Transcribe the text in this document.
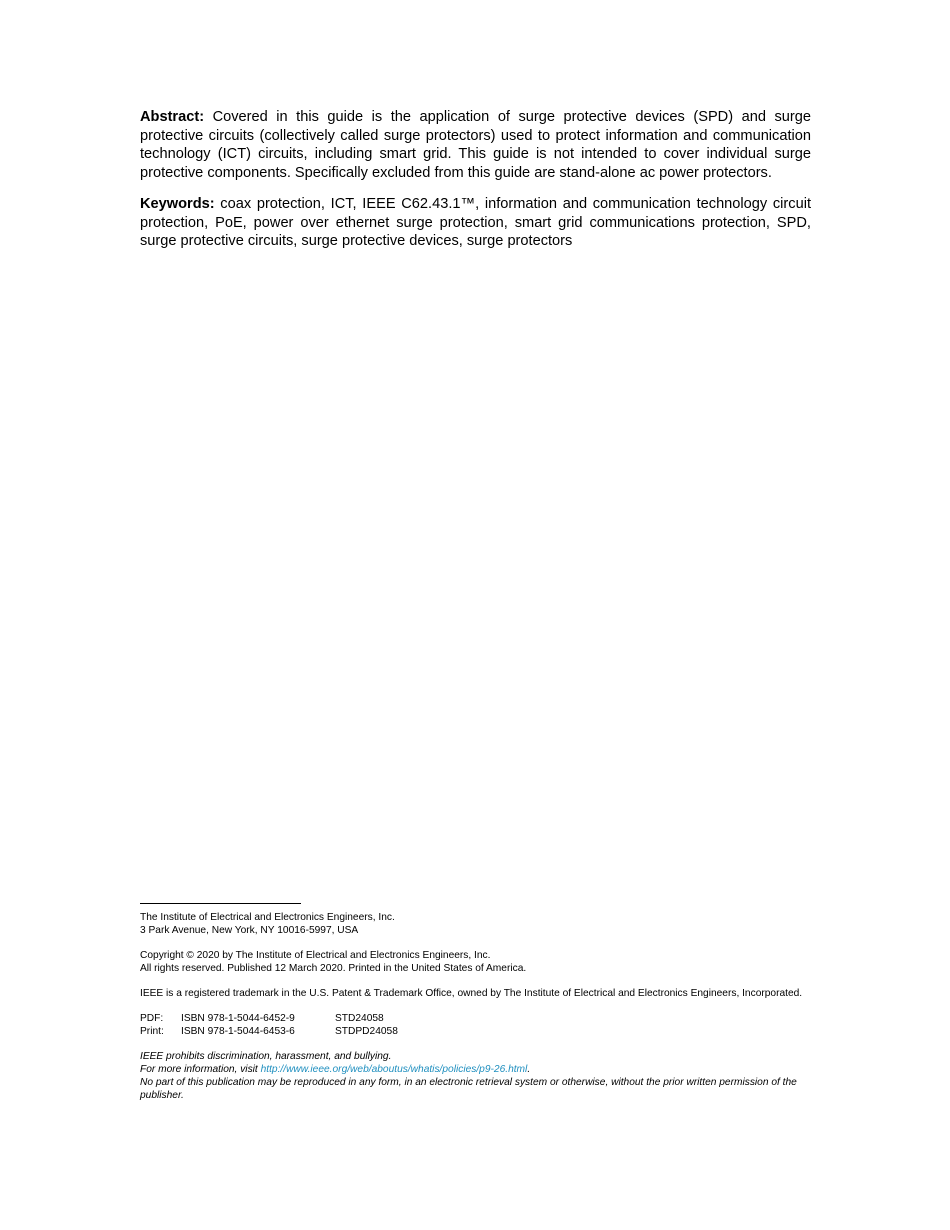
Abstract: Covered in this guide is the application of surge protective devices (SPD) and surge protective circuits (collectively called surge protectors) used to protect information and communication technology (ICT) circuits, including smart grid. This guide is not intended to cover individual surge protective components. Specifically excluded from this guide are stand-alone ac power protectors.

Keywords: coax protection, ICT, IEEE C62.43.1™, information and communication technology circuit protection, PoE, power over ethernet surge protection, smart grid communications protection, SPD, surge protective circuits, surge protective devices, surge protectors

The Institute of Electrical and Electronics Engineers, Inc.

3 Park Avenue, New York, NY 10016-5997, USA

Copyright © 2020 by The Institute of Electrical and Electronics Engineers, Inc.

All rights reserved. Published 12 March 2020. Printed in the United States of America.

IEEE is a registered trademark in the U.S. Patent & Trademark Office, owned by The Institute of Electrical and Electronics Engineers, Incorporated.

PDF:	ISBN 978-1-5044-6452-9	STD24058
Print:	ISBN 978-1-5044-6453-6	STDPD24058

IEEE prohibits discrimination, harassment, and bullying.

For more information, visit http://www.ieee.org/web/aboutus/whatis/policies/p9-26.html.

No part of this publication may be reproduced in any form, in an electronic retrieval system or otherwise, without the prior written permission of the publisher.
